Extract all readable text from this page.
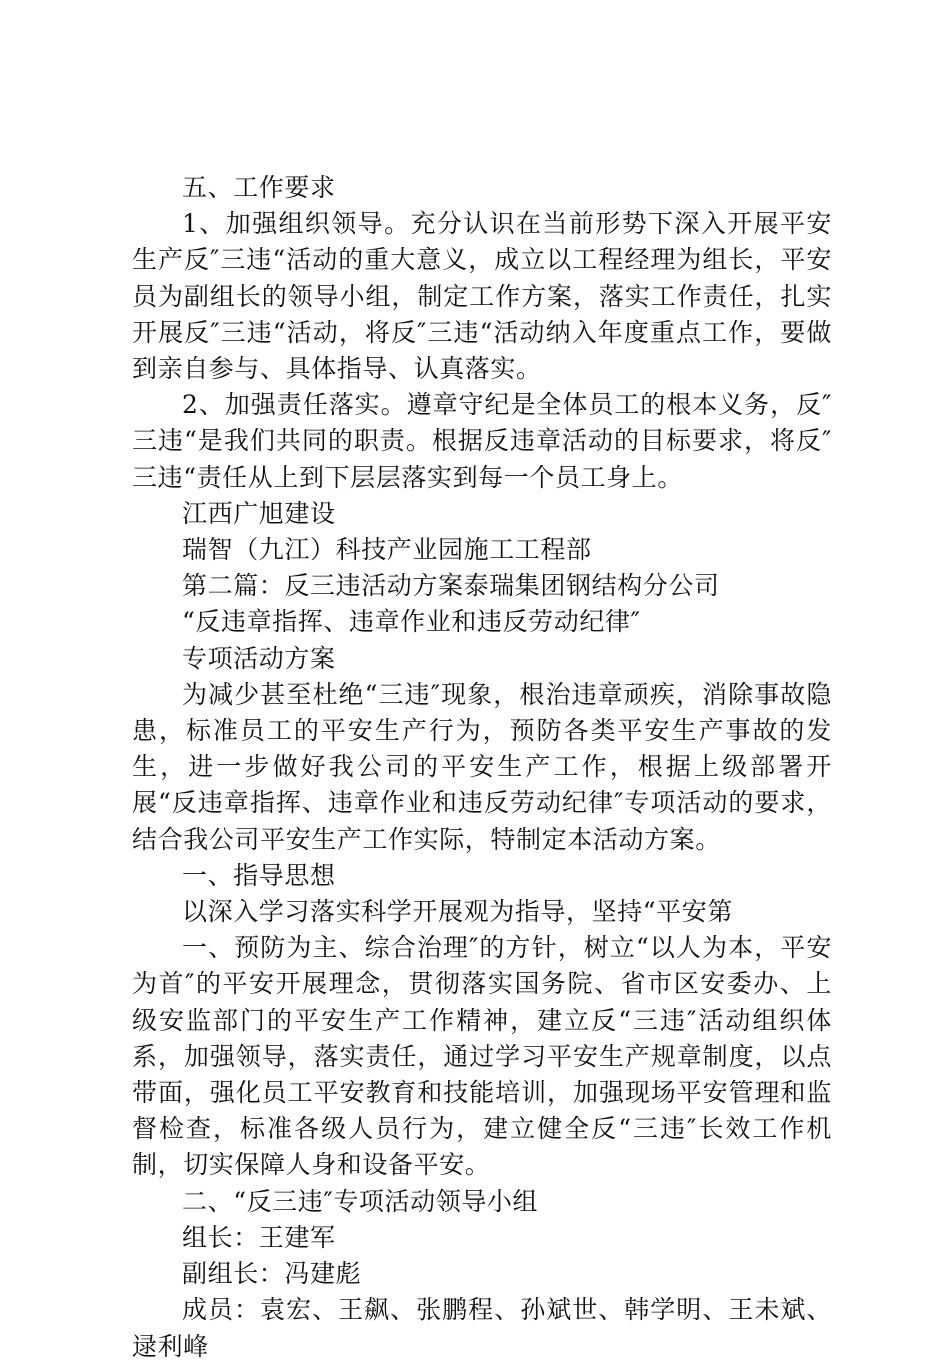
五、工作要求

1、加强组织领导。充分认识在当前形势下深入开展平安生产反″三违“活动的重大意义，成立以工程经理为组长，平安员为副组长的领导小组，制定工作方案，落实工作责任，扎实开展反″三违“活动，将反″三违“活动纳入年度重点工作，要做到亲自参与、具体指导、认真落实。

2、加强责任落实。遵章守纪是全体员工的根本义务，反″三违“是我们共同的职责。根据反违章活动的目标要求，将反″三违“责任从上到下层层落实到每一个员工身上。

江西广旭建设

瑞智（九江）科技产业园施工工程部

第二篇：反三违活动方案泰瑞集团钢结构分公司

“反违章指挥、违章作业和违反劳动纪律″

专项活动方案

为减少甚至杜绝“三违″现象，根治违章顽疾，消除事故隐患，标准员工的平安生产行为，预防各类平安生产事故的发生，进一步做好我公司的平安生产工作，根据上级部署开展“反违章指挥、违章作业和违反劳动纪律″专项活动的要求，结合我公司平安生产工作实际，特制定本活动方案。

一、指导思想

以深入学习落实科学开展观为指导，坚持“平安第

一、预防为主、综合治理″的方针，树立“以人为本，平安为首″的平安开展理念，贯彻落实国务院、省市区安委办、上级安监部门的平安生产工作精神，建立反“三违″活动组织体系，加强领导，落实责任，通过学习平安生产规章制度，以点带面，强化员工平安教育和技能培训，加强现场平安管理和监督检查，标准各级人员行为，建立健全反“三违″长效工作机制，切实保障人身和设备平安。

二、“反三违″专项活动领导小组

组长：王建军

副组长：冯建彪

成员：袁宏、王飙、张鹏程、孙斌世、韩学明、王未斌、逯利峰
